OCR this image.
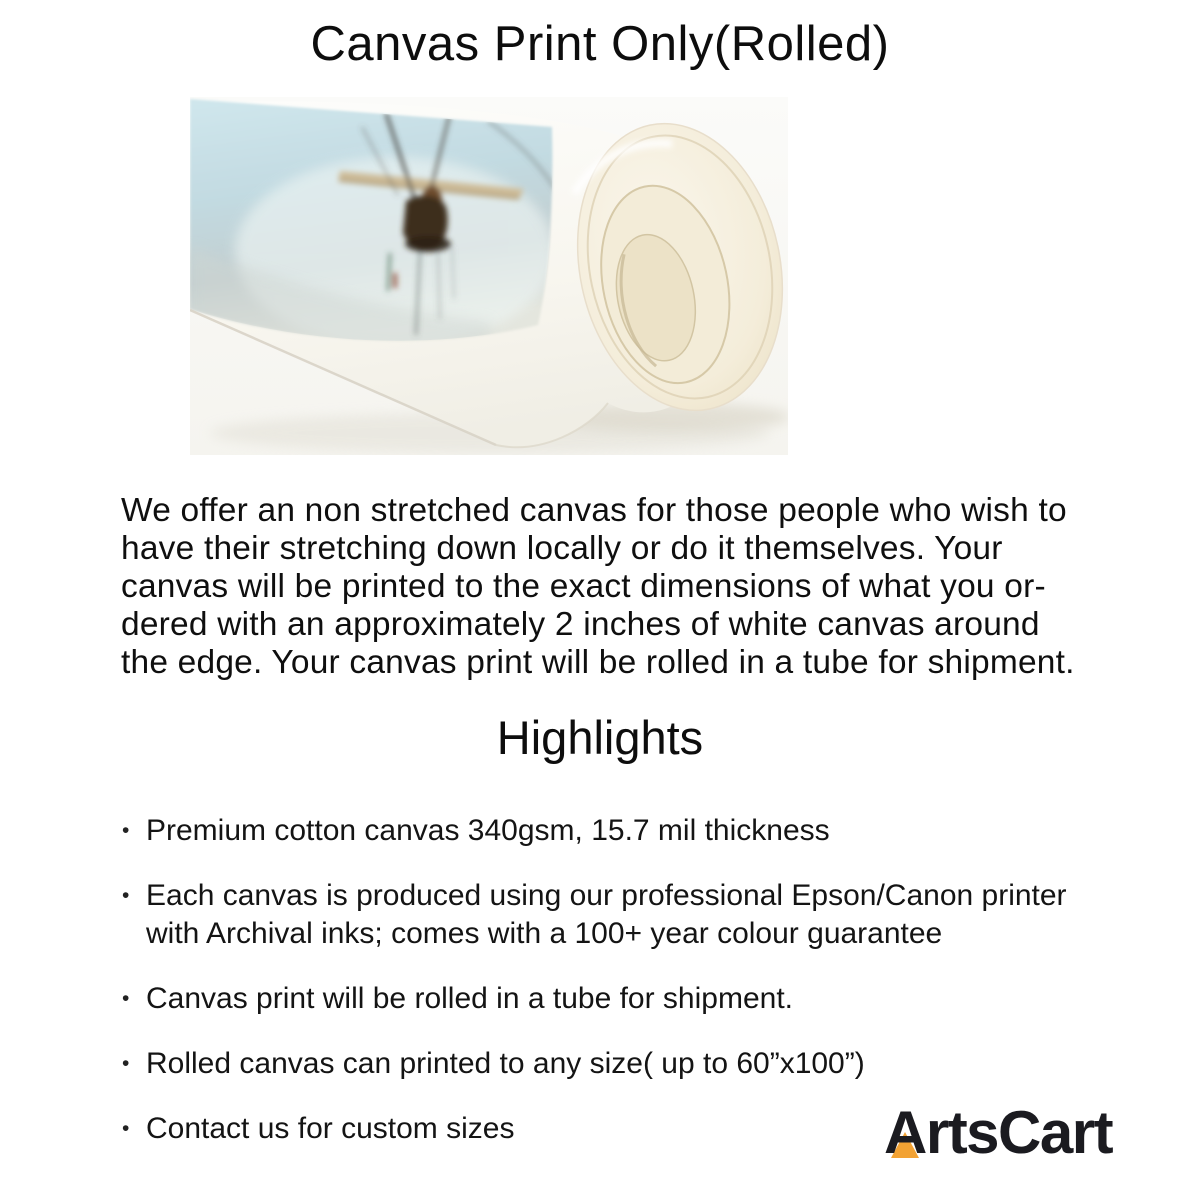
Canvas Print Only(Rolled)
We offer an non stretched canvas for those people who wish to
have their stretching down locally or do it themselves. Your
canvas will be printed to the exact dimensions of what you or-
dered with an approximately 2 inches of white canvas around
the edge. Your canvas print will be rolled in a tube for shipment.
Highlights
• Premium cotton canvas 340gsm, 15.7 mil thickness
• Each canvas is produced using our professional Epson/Canon printer with Archival inks; comes with a 100+ year colour guarantee
• Canvas print will be rolled in a tube for shipment.
• Rolled canvas can printed to any size( up to 60”x100”)
• Contact us for custom sizes	ArtsCart
